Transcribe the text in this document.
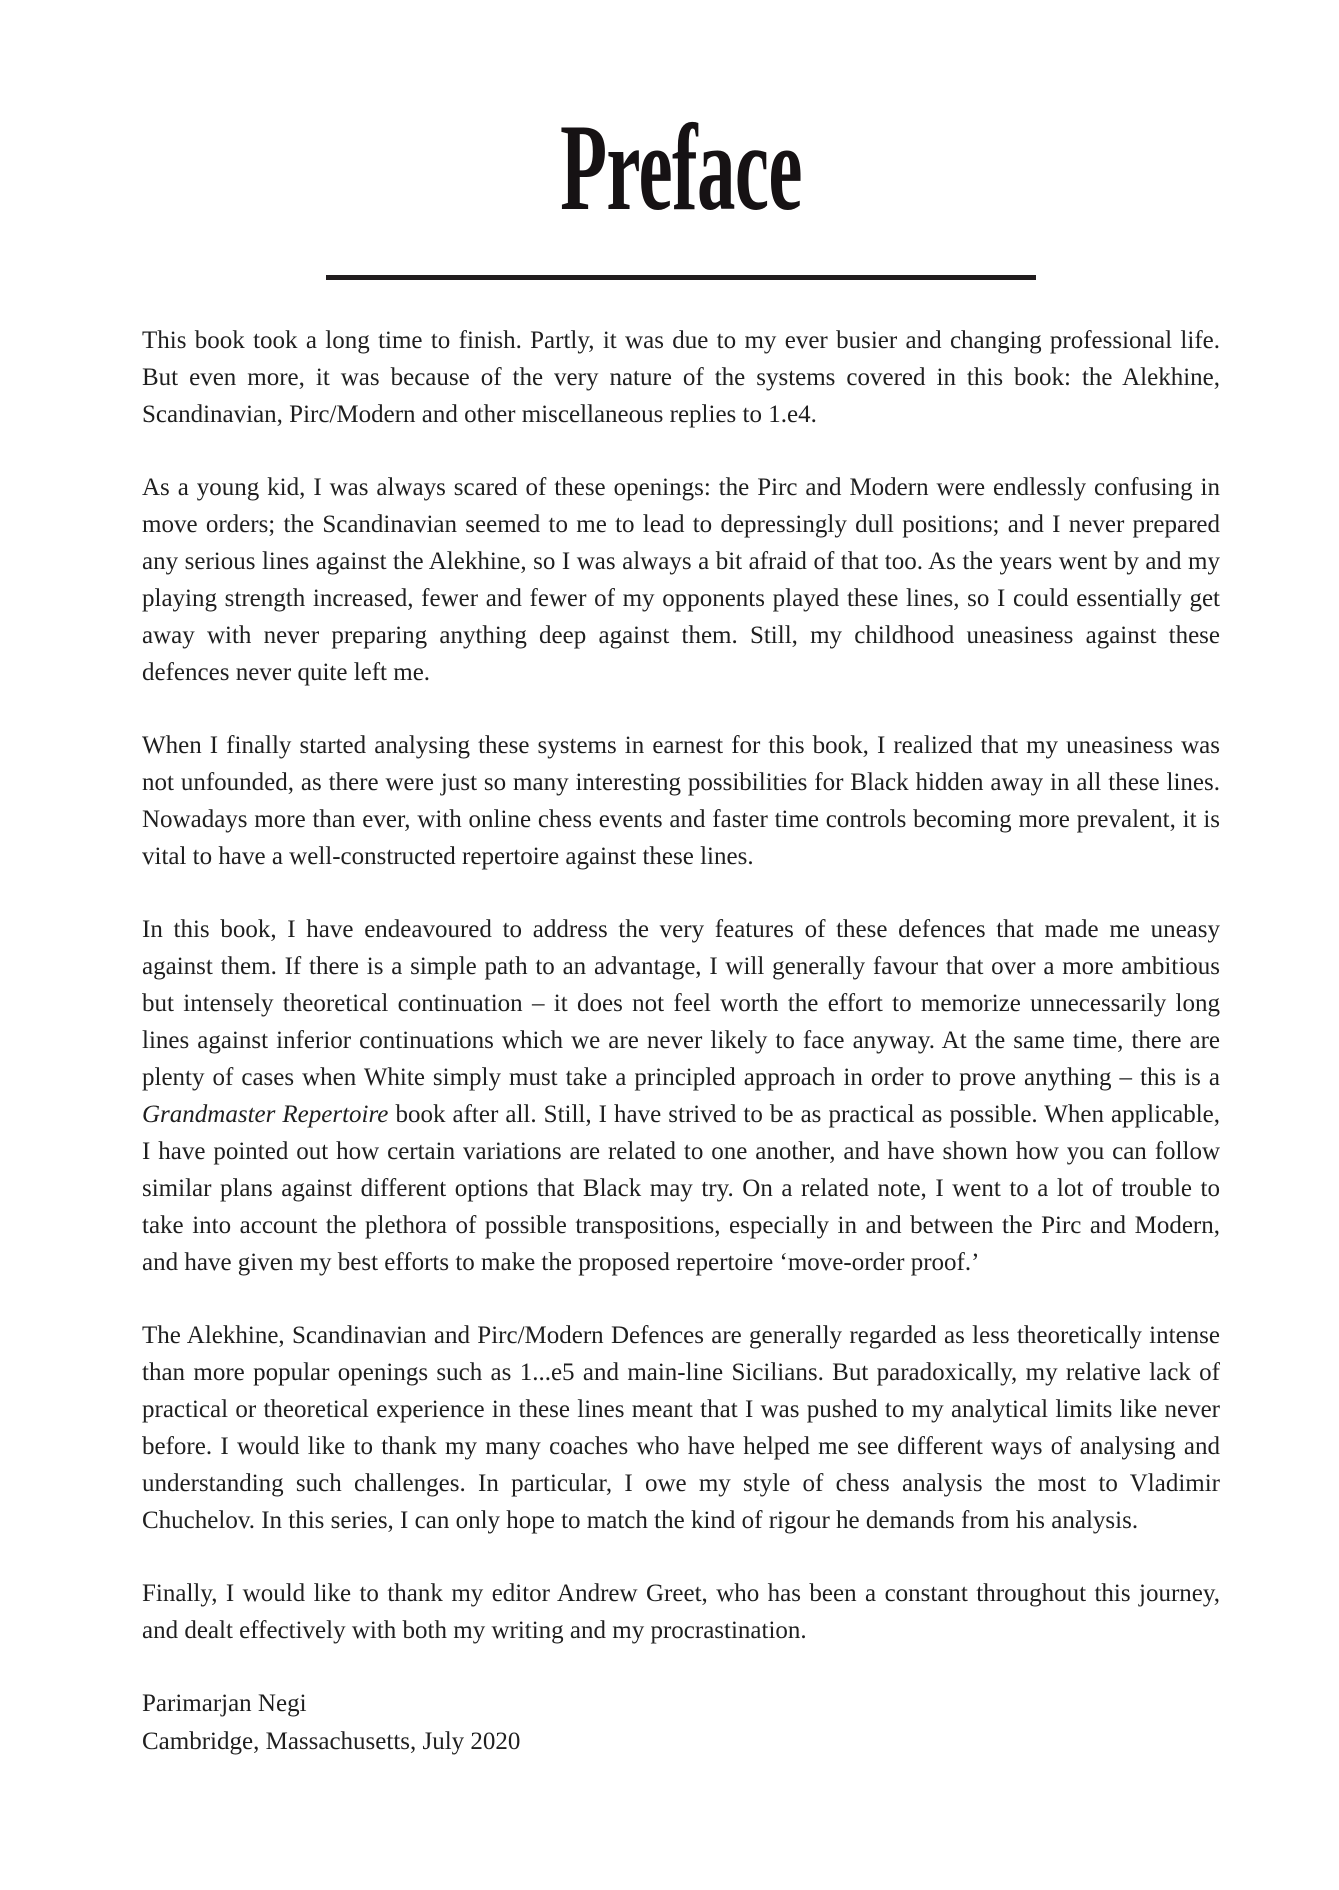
Preface

This book took a long time to finish. Partly, it was due to my ever busier and changing professional life. But even more, it was because of the very nature of the systems covered in this book: the Alekhine, Scandinavian, Pirc/Modern and other miscellaneous replies to 1.e4.

As a young kid, I was always scared of these openings: the Pirc and Modern were endlessly confusing in move orders; the Scandinavian seemed to me to lead to depressingly dull positions; and I never prepared any serious lines against the Alekhine, so I was always a bit afraid of that too. As the years went by and my playing strength increased, fewer and fewer of my opponents played these lines, so I could essentially get away with never preparing anything deep against them. Still, my childhood uneasiness against these defences never quite left me.

When I finally started analysing these systems in earnest for this book, I realized that my uneasiness was not unfounded, as there were just so many interesting possibilities for Black hidden away in all these lines. Nowadays more than ever, with online chess events and faster time controls becoming more prevalent, it is vital to have a well-constructed repertoire against these lines.

In this book, I have endeavoured to address the very features of these defences that made me uneasy against them. If there is a simple path to an advantage, I will generally favour that over a more ambitious but intensely theoretical continuation – it does not feel worth the effort to memorize unnecessarily long lines against inferior continuations which we are never likely to face anyway. At the same time, there are plenty of cases when White simply must take a principled approach in order to prove anything – this is a Grandmaster Repertoire book after all. Still, I have strived to be as practical as possible. When applicable, I have pointed out how certain variations are related to one another, and have shown how you can follow similar plans against different options that Black may try. On a related note, I went to a lot of trouble to take into account the plethora of possible transpositions, especially in and between the Pirc and Modern, and have given my best efforts to make the proposed repertoire ‘move-order proof.’

The Alekhine, Scandinavian and Pirc/Modern Defences are generally regarded as less theoretically intense than more popular openings such as 1...e5 and main-line Sicilians. But paradoxically, my relative lack of practical or theoretical experience in these lines meant that I was pushed to my analytical limits like never before. I would like to thank my many coaches who have helped me see different ways of analysing and understanding such challenges. In particular, I owe my style of chess analysis the most to Vladimir Chuchelov. In this series, I can only hope to match the kind of rigour he demands from his analysis.

Finally, I would like to thank my editor Andrew Greet, who has been a constant throughout this journey, and dealt effectively with both my writing and my procrastination.

Parimarjan Negi
Cambridge, Massachusetts, July 2020
